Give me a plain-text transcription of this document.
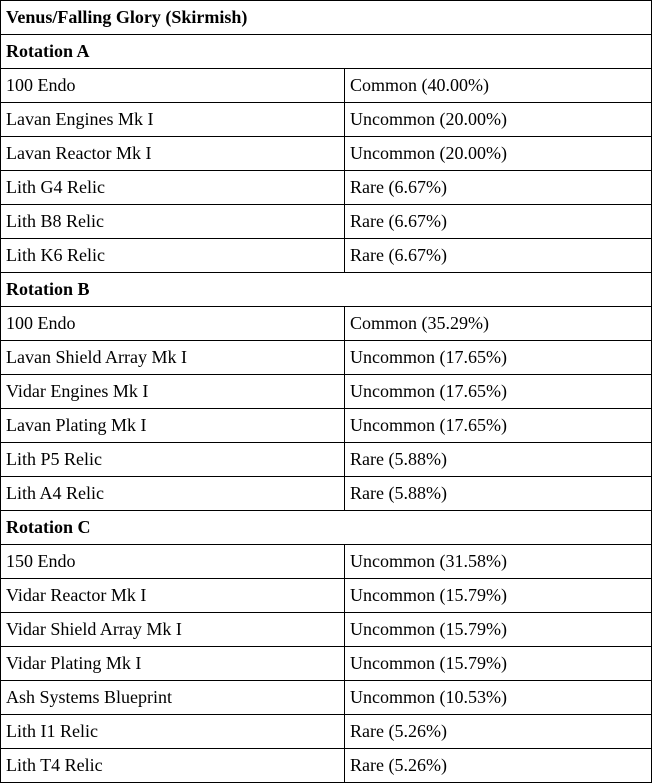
Venus/Falling Glory (Skirmish)	
Rotation A	
100 Endo	Common (40.00%)
Lavan Engines Mk I	Uncommon (20.00%)
Lavan Reactor Mk I	Uncommon (20.00%)
Lith G4 Relic	Rare (6.67%)
Lith B8 Relic	Rare (6.67%)
Lith K6 Relic	Rare (6.67%)
Rotation B	
100 Endo	Common (35.29%)
Lavan Shield Array Mk I	Uncommon (17.65%)
Vidar Engines Mk I	Uncommon (17.65%)
Lavan Plating Mk I	Uncommon (17.65%)
Lith P5 Relic	Rare (5.88%)
Lith A4 Relic	Rare (5.88%)
Rotation C	
150 Endo	Uncommon (31.58%)
Vidar Reactor Mk I	Uncommon (15.79%)
Vidar Shield Array Mk I	Uncommon (15.79%)
Vidar Plating Mk I	Uncommon (15.79%)
Ash Systems Blueprint	Uncommon (10.53%)
Lith I1 Relic	Rare (5.26%)
Lith T4 Relic	Rare (5.26%)
